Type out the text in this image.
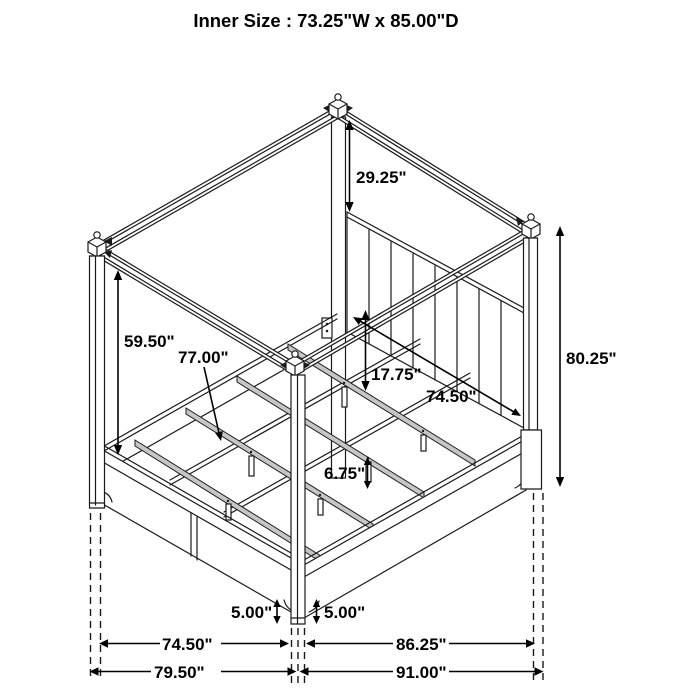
29.25"
59.50"
77.00"
17.75"
74.50"
80.25"
6.75"
5.00"	5.00"
74.50"	86.25"
79.50"	91.00"
Inner Size : 73.25"W x 85.00"D
